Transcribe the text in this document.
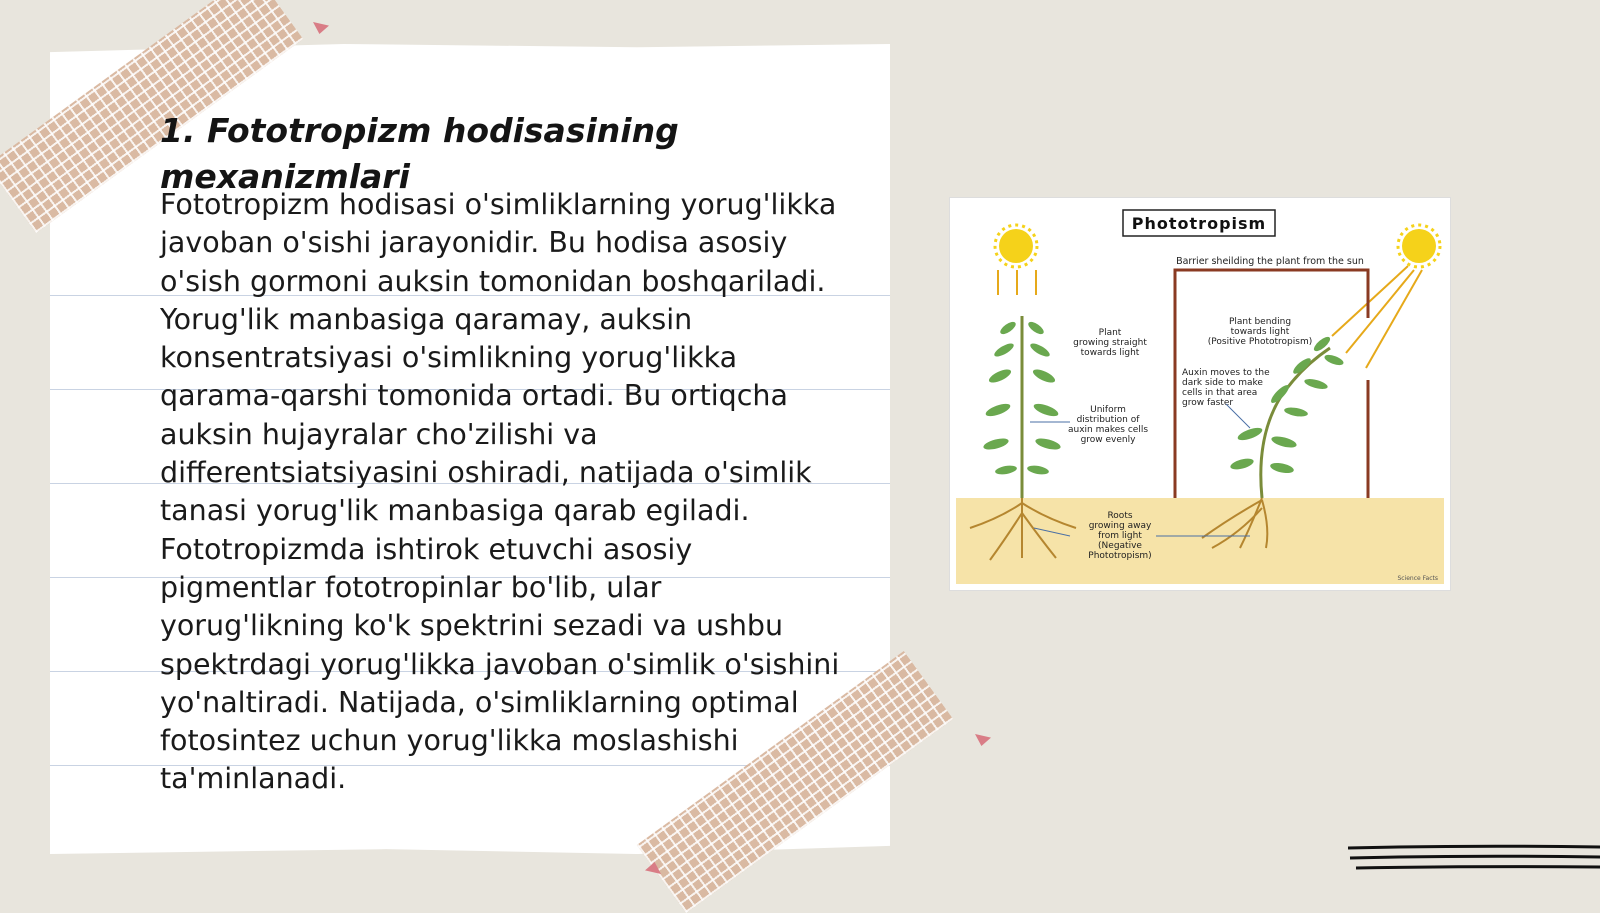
1. Fototropizm hodisasining mexanizmlari

Fototropizm hodisasi o'simliklarning yorug'likka javoban o'sishi jarayonidir. Bu hodisa asosiy o'sish gormoni auksin tomonidan boshqariladi. Yorug'lik manbasiga qaramay, auksin konsentratsiyasi o'simlikning yorug'likka qarama-qarshi tomonida ortadi. Bu ortiqcha auksin hujayralar cho'zilishi va differentsiatsiyasini oshiradi, natijada o'simlik tanasi yorug'lik manbasiga qarab egiladi. Fototropizmda ishtirok etuvchi asosiy pigmentlar fototropinlar bo'lib, ular yorug'likning ko'k spektrini sezadi va ushbu spektrdagi yorug'likka javoban o'simlik o'sishini yo'naltiradi. Natijada, o'simliklarning optimal fotosintez uchun yorug'likka moslashishi ta'minlanadi.

Phototropism
Barrier sheilding the plant from the sun
Plant
growing straight
towards light
Uniform
distribution of
auxin makes cells
grow evenly
Plant bending
towards light
(Positive Phototropism)
Roots
growing away
from light
(Negative
Phototropism)
Auxin moves to the
dark side to make
cells in that area
grow faster
Science Facts
